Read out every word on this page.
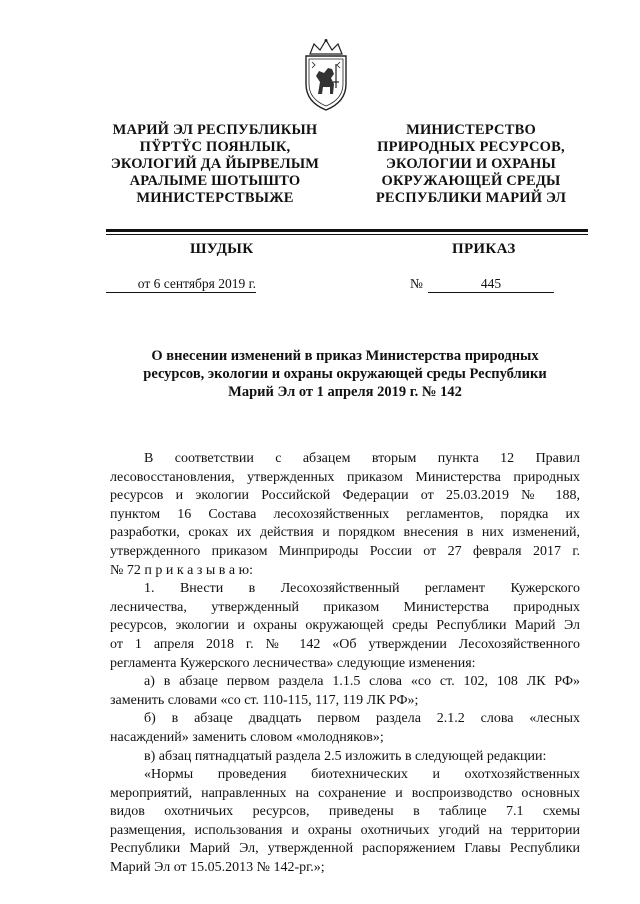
МАРИЙ ЭЛ РЕСПУБЛИКЫН
ПŸРТŸС ПОЯНЛЫК,
ЭКОЛОГИЙ ДА ЙЫРВЕЛЫМ
АРАЛЫМЕ ШОТЫШТО
МИНИСТЕРСТВЫЖЕ
МИНИСТЕРСТВО
ПРИРОДНЫХ РЕСУРСОВ,
ЭКОЛОГИИ И ОХРАНЫ
ОКРУЖАЮЩЕЙ СРЕДЫ
РЕСПУБЛИКИ МАРИЙ ЭЛ
ШУДЫК	ПРИКАЗ
от 6 сентября 2019 г.	№	445
О внесении изменений в приказ Министерства природных
ресурсов, экологии и охраны окружающей среды Республики
Марий Эл от 1 апреля 2019 г. № 142
В соответствии с абзацем вторым пункта 12 Правил
лесовосстановления, утвержденных приказом Министерства природных
ресурсов и экологии Российской Федерации от 25.03.2019 № 188,
пунктом 16 Состава лесохозяйственных регламентов, порядка их
разработки, сроках их действия и порядком внесения в них изменений,
утвержденного приказом Минприроды России от 27 февраля 2017 г.
№ 72 п р и к а з ы в а ю:
1. Внести в Лесохозяйственный регламент Кужерского
лесничества, утвержденный приказом Министерства природных
ресурсов, экологии и охраны окружающей среды Республики Марий Эл
от 1 апреля 2018 г. № 142 «Об утверждении Лесохозяйственного
регламента Кужерского лесничества» следующие изменения:
а) в абзаце первом раздела 1.1.5 слова «со ст. 102, 108 ЛК РФ»
заменить словами «со ст. 110-115, 117, 119 ЛК РФ»;
б) в абзаце двадцать первом раздела 2.1.2 слова «лесных
насаждений» заменить словом «молодняков»;
в) абзац пятнадцатый раздела 2.5 изложить в следующей редакции:
«Нормы проведения биотехнических и охотхозяйственных
мероприятий, направленных на сохранение и воспроизводство основных
видов охотничьих ресурсов, приведены в таблице 7.1 схемы
размещения, использования и охраны охотничьих угодий на территории
Республики Марий Эл, утвержденной распоряжением Главы Республики
Марий Эл от 15.05.2013 № 142-рг.»;
